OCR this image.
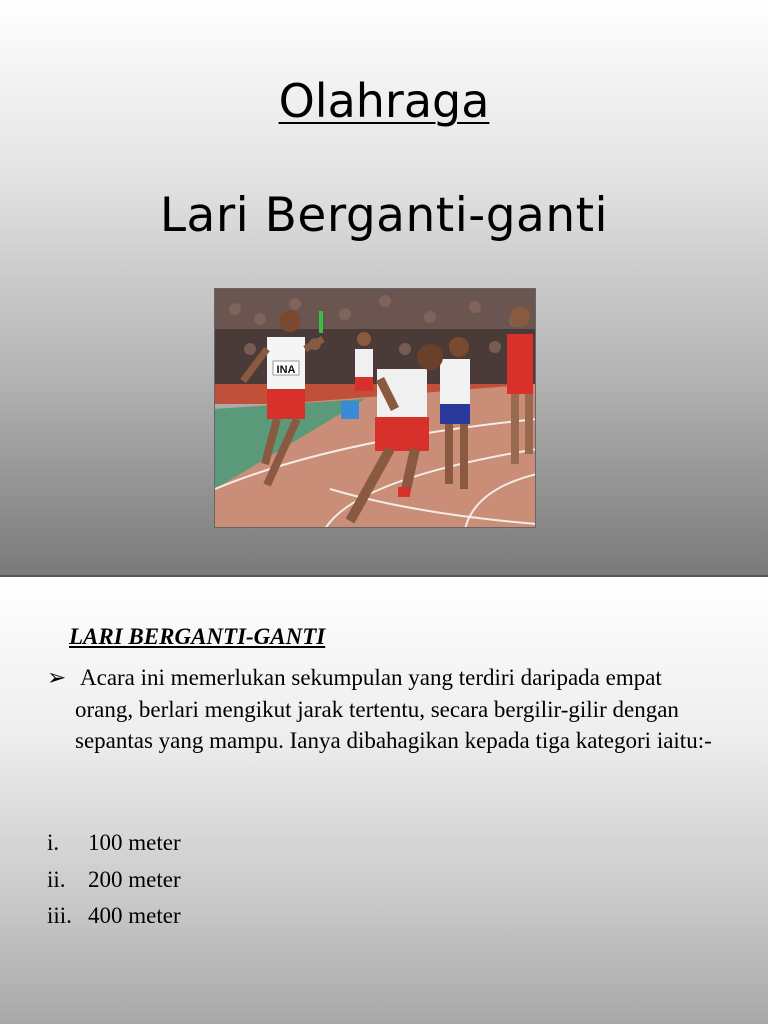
Olahraga
Lari Berganti-ganti
INA
LARI BERGANTI-GANTI
➢ Acara ini memerlukan sekumpulan yang terdiri daripada empat orang, berlari mengikut jarak tertentu, secara bergilir-gilir dengan sepantas yang mampu. Ianya dibahagikan kepada tiga kategori iaitu:-
i. 100 meter
ii. 200 meter
iii. 400 meter
